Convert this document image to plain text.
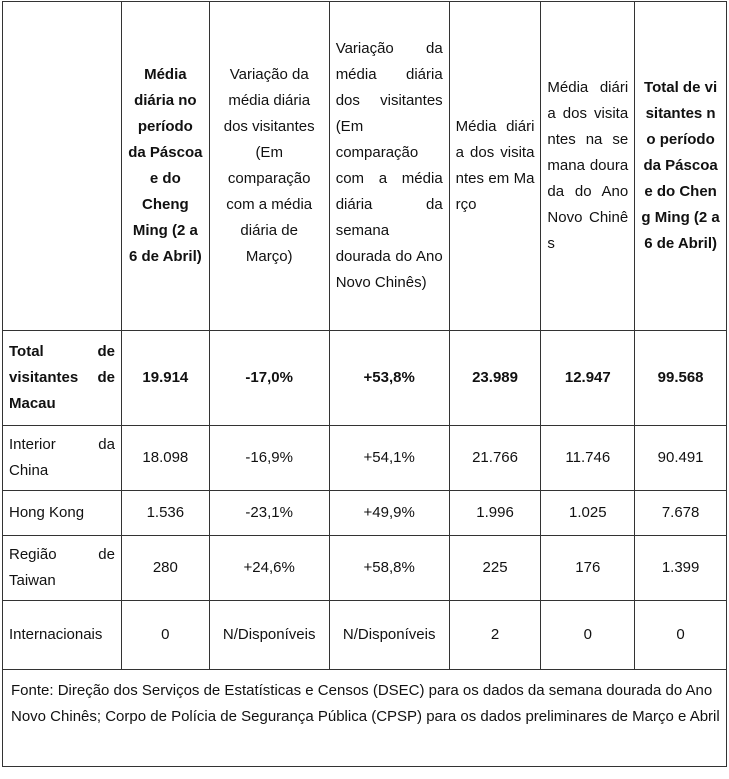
	Média diária no período da Páscoa e do Cheng Ming (2 a 6 de Abril)	Variação da média diária dos visitantes (Em comparação com a média diária de Março)	Variação da média diária dos visitantes (Em comparação com a média diária da semana dourada do Ano Novo Chinês)	Média diária dos visitantes em Março	Média diária dos visitantes na semana dourada do Ano Novo Chinês	Total de visitantes no período da Páscoa e do Cheng Ming (2 a 6 de Abril)
Total de visitantes de Macau	19.914	-17,0%	+53,8%	23.989	12.947	99.568
Interior da China	18.098	-16,9%	+54,1%	21.766	11.746	90.491
Hong Kong	1.536	-23,1%	+49,9%	1.996	1.025	7.678
Região de Taiwan	280	+24,6%	+58,8%	225	176	1.399
Internacionais	0	N/Disponíveis	N/Disponíveis	2	0	0
Fonte: Direção dos Serviços de Estatísticas e Censos (DSEC) para os dados da semana dourada do Ano Novo Chinês; Corpo de Polícia de Segurança Pública (CPSP) para os dados preliminares de Março e Abril						
